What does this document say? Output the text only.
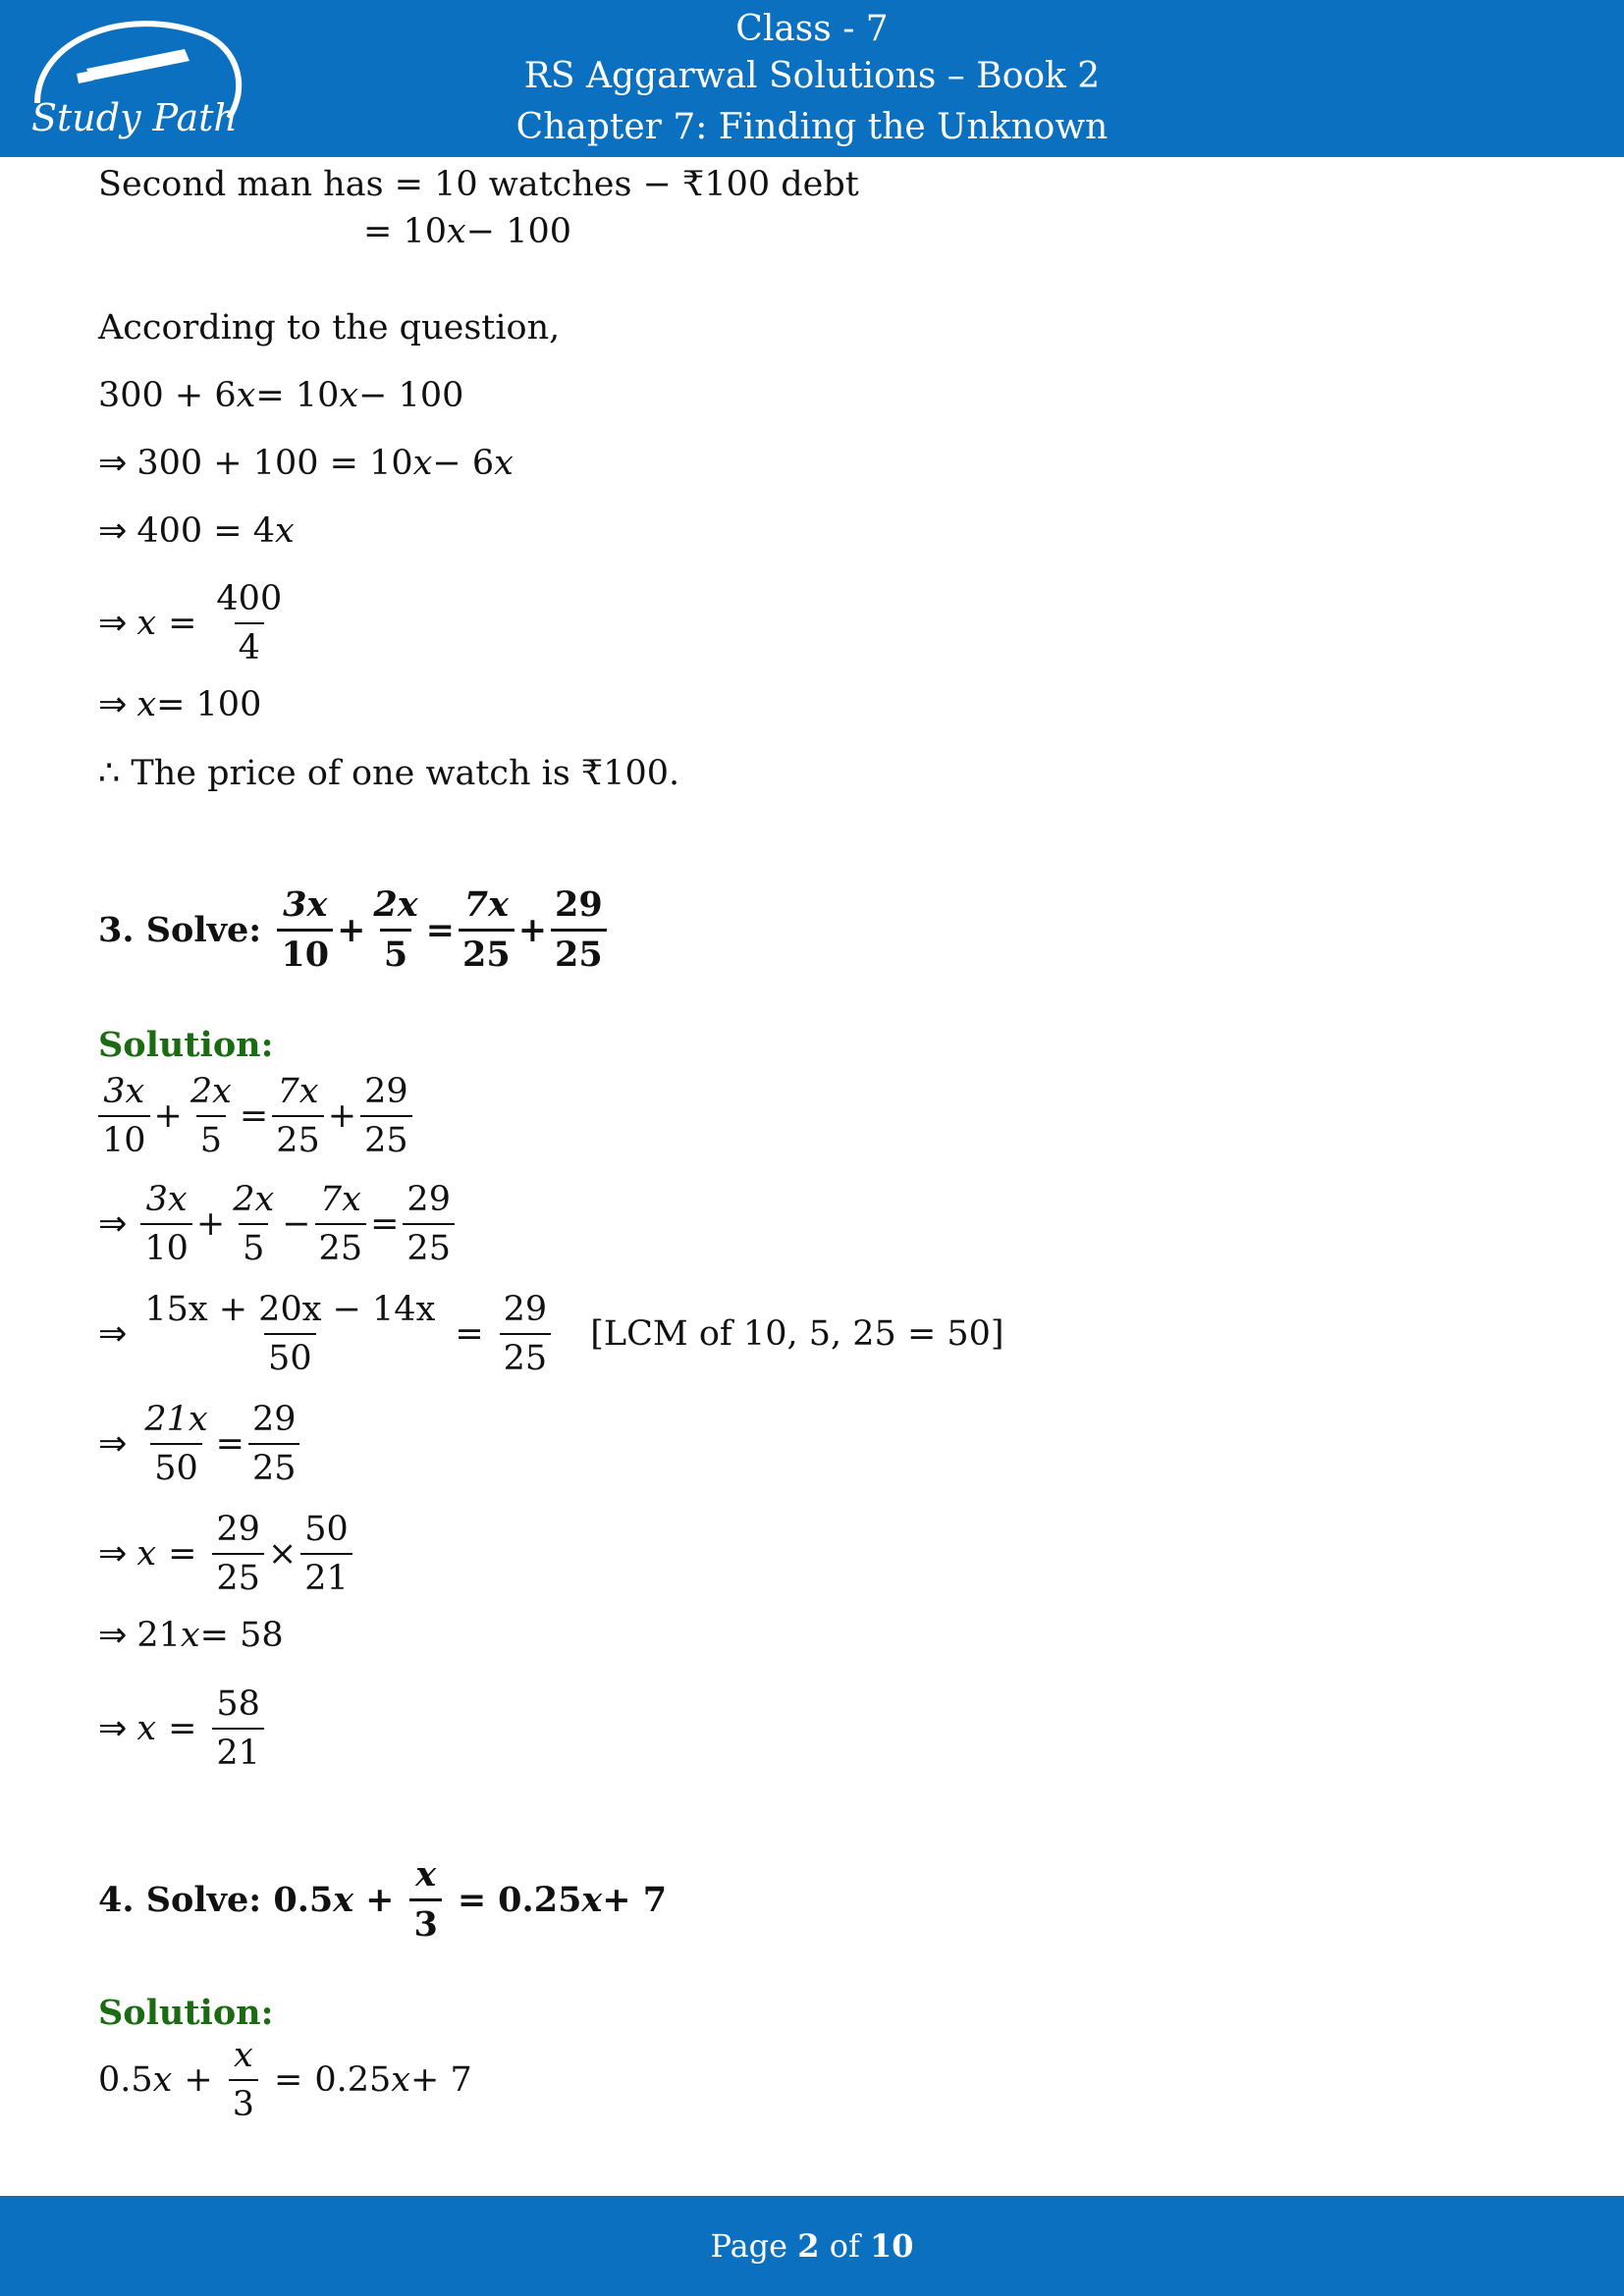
Study Path
Class - 7
RS Aggarwal Solutions – Book 2
Chapter 7: Finding the Unknown
Second man has = 10 watches − ₹100 debt
= 10 x − 100
According to the question,
300 + 6 x = 10 x − 100
⇒ 300 + 100 = 10 x − 6 x
⇒ 400 = 4 x
⇒ $x = \frac{400}{4}$
⇒ x = 100
∴ The price of one watch is ₹100.
3 . Solve : $\frac{3x}{10} + \frac{2x}{5} = \frac{7x}{25} + \frac{29}{25}$
Solution:
$\frac{3x}{10} + \frac{2x}{5} = \frac{7x}{25} + \frac{29}{25}$
⇒ $\frac{3x}{10} + \frac{2x}{5} - \frac{7x}{25} = \frac{29}{25}$
⇒ $\frac{15x + 20x - 14x}{50} = \frac{29}{25}$	[LCM of 10, 5, 25 = 50]
⇒ $\frac{21x}{50} = \frac{29}{25}$
⇒ $x = \frac{29}{25} \times \frac{50}{21}$
⇒ 21 x = 58
⇒ $x = \frac{58}{21}$
4 . Solve : 0.5 $x + \frac{x}{3} = 0.25$ x + 7
Solution:
0.5 $x + \frac{x}{3} = 0.25$ x + 7
Page 2 of 10
